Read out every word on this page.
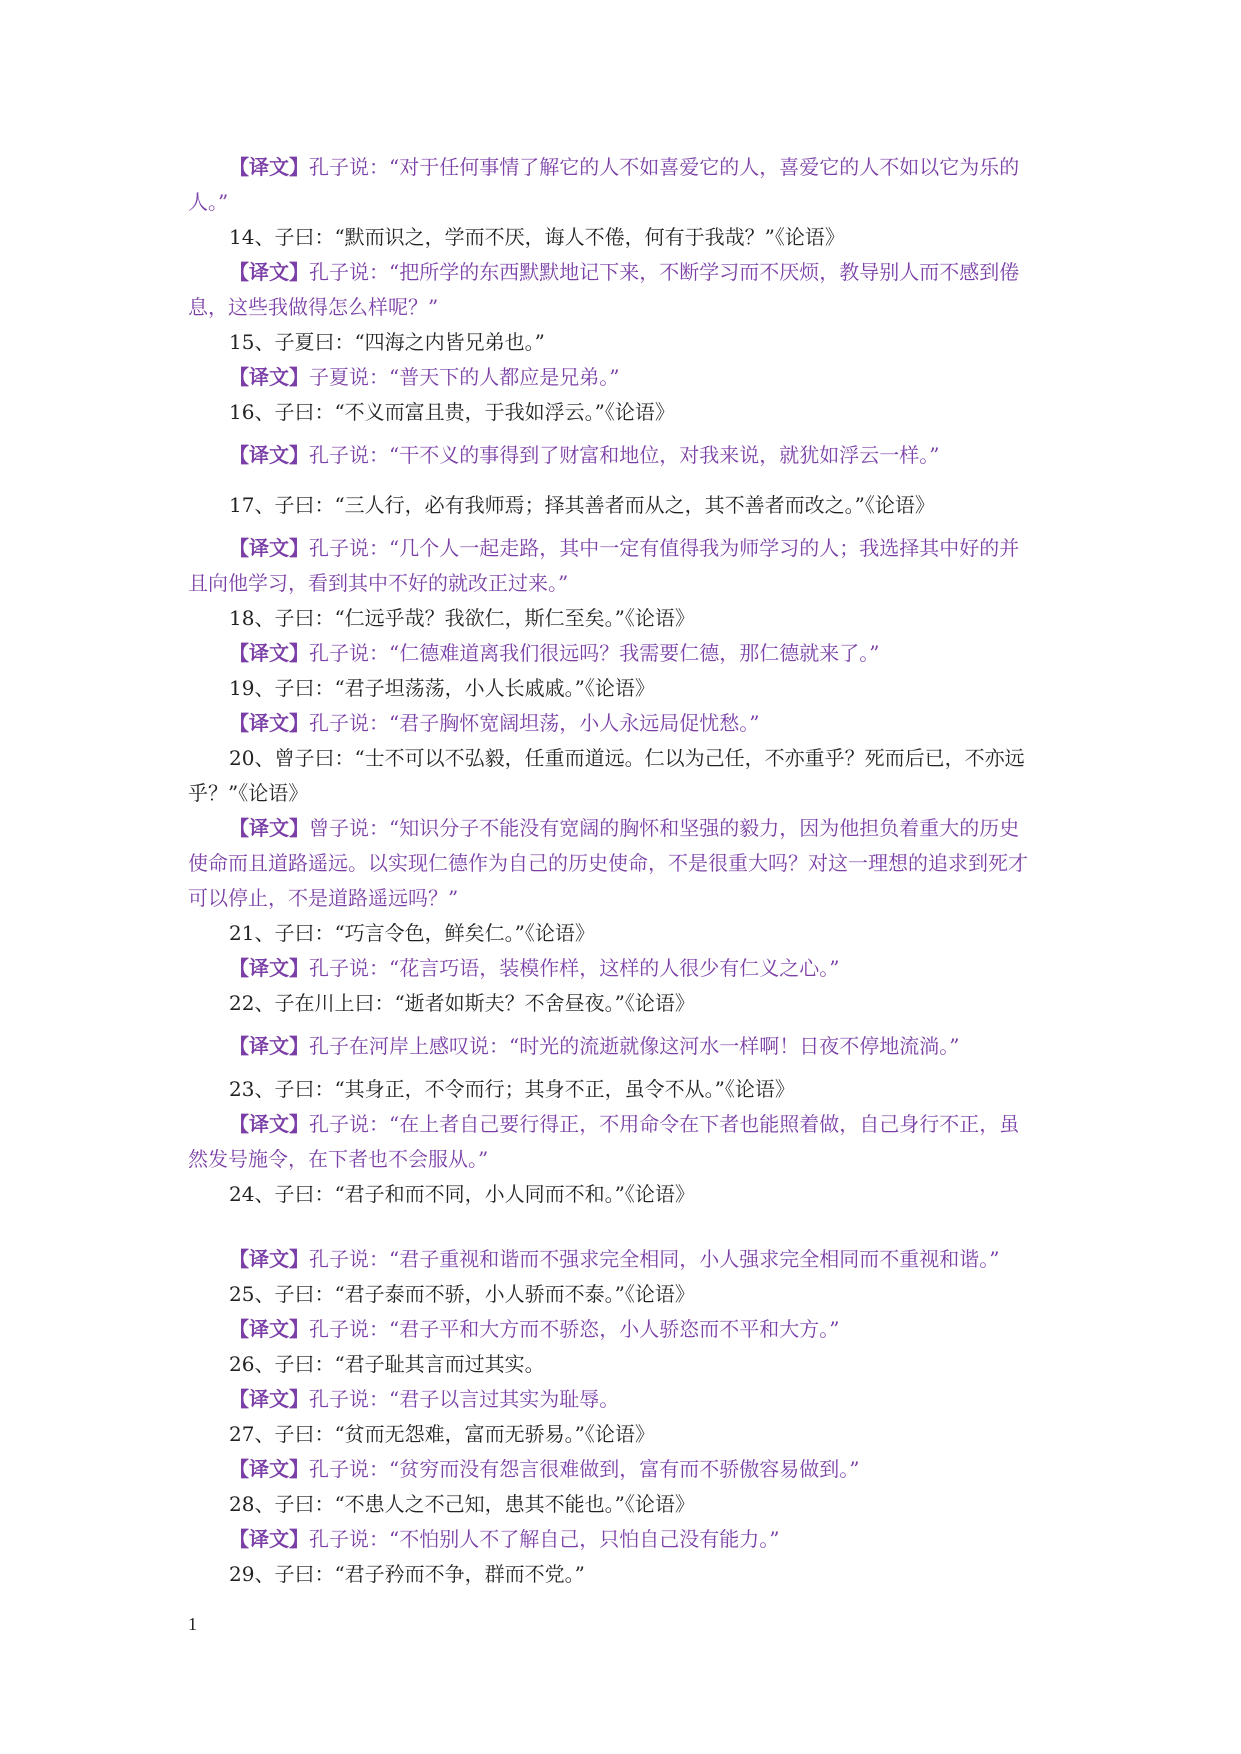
【译文】孔子说：“对于任何事情了解它的人不如喜爱它的人，喜爱它的人不如以它为乐的

人。”

14、子曰：“默而识之，学而不厌，诲人不倦，何有于我哉？”《论语》

【译文】孔子说：“把所学的东西默默地记下来，不断学习而不厌烦，教导别人而不感到倦

息，这些我做得怎么样呢？”

15、子夏曰：“四海之内皆兄弟也。”

【译文】子夏说：“普天下的人都应是兄弟。”

16、子曰：“不义而富且贵，于我如浮云。”《论语》

【译文】孔子说：“干不义的事得到了财富和地位，对我来说，就犹如浮云一样。”

17、子曰：“三人行，必有我师焉；择其善者而从之，其不善者而改之。”《论语》

【译文】孔子说：“几个人一起走路，其中一定有值得我为师学习的人；我选择其中好的并

且向他学习，看到其中不好的就改正过来。”

18、子曰：“仁远乎哉？我欲仁，斯仁至矣。”《论语》

【译文】孔子说：“仁德难道离我们很远吗？我需要仁德，那仁德就来了。”

19、子曰：“君子坦荡荡，小人长戚戚。”《论语》

【译文】孔子说：“君子胸怀宽阔坦荡，小人永远局促忧愁。”

20、曾子曰：“士不可以不弘毅，任重而道远。仁以为己任，不亦重乎？死而后已，不亦远

乎？”《论语》

【译文】曾子说：“知识分子不能没有宽阔的胸怀和坚强的毅力，因为他担负着重大的历史

使命而且道路遥远。以实现仁德作为自己的历史使命，不是很重大吗？对这一理想的追求到死才

可以停止，不是道路遥远吗？”

21、子曰：“巧言令色，鲜矣仁。”《论语》

【译文】孔子说：“花言巧语，装模作样，这样的人很少有仁义之心。”

22、子在川上曰：“逝者如斯夫？不舍昼夜。”《论语》

【译文】孔子在河岸上感叹说：“时光的流逝就像这河水一样啊！日夜不停地流淌。”

23、子曰：“其身正，不令而行；其身不正，虽令不从。”《论语》

【译文】孔子说：“在上者自己要行得正，不用命令在下者也能照着做，自己身行不正，虽

然发号施令，在下者也不会服从。”

24、子曰：“君子和而不同，小人同而不和。”《论语》

【译文】孔子说：“君子重视和谐而不强求完全相同，小人强求完全相同而不重视和谐。”

25、子曰：“君子泰而不骄，小人骄而不泰。”《论语》

【译文】孔子说：“君子平和大方而不骄恣，小人骄恣而不平和大方。”

26、子曰：“君子耻其言而过其实。

【译文】孔子说：“君子以言过其实为耻辱。

27、子曰：“贫而无怨难，富而无骄易。”《论语》

【译文】孔子说：“贫穷而没有怨言很难做到，富有而不骄傲容易做到。”

28、子曰：“不患人之不己知，患其不能也。”《论语》

【译文】孔子说：“不怕别人不了解自己，只怕自己没有能力。”

29、子曰：“君子矜而不争，群而不党。”

1
